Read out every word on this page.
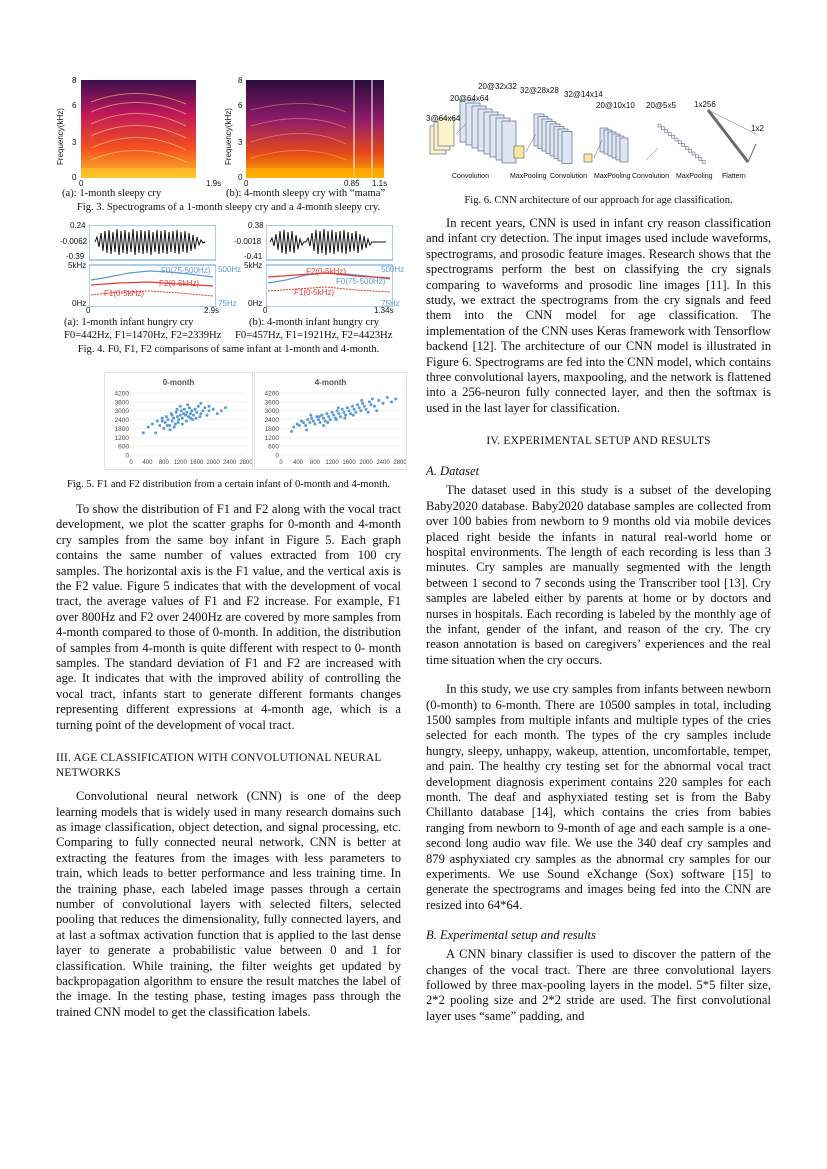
Frequency(kHz)
8
6
3
0
0	1.9s
Frequency(kHz)
8
6
3
0
0	0.85 1.1s
(a): 1-month sleepy cry	(b): 4-month sleepy cry with “mama”
Fig. 3. Spectrograms of a 1-month sleepy cry and a 4-month sleepy cry.
0.24
-0.0062
-0.39
5kHz
0Hz
500Hz
75Hz
F0(75-500Hz)
F2(0-5kHz)
F1(0-5kHz)
0	2.9s
0.38
-0.0018
-0.41
5kHz
0Hz
500Hz
75Hz
F2(0-5kHz)
F0(75-500Hz)
F1(0-5kHz)
0	1.34s
(a): 1-month infant hungry cry	(b): 4-month infant hungry cry
F0=442Hz, F1=1470Hz, F2=2339Hz F0=457Hz, F1=1921Hz, F2=4423Hz
Fig. 4. F0, F1, F2 comparisons of same infant at 1-month and 4-month.
0-month
4200
3600
3000
2400
1800
1200
600
0
0 400 800 1200 1600 2000 2400 2800
4-month
4200
3600
3000
2400
1800
1200
600
0
0 400 800 1200 1600 2000 2400 2800
Fig. 5. F1 and F2 distribution from a certain infant of 0-month and 4-month.

To show the distribution of F1 and F2 along with the vocal tract development, we plot the scatter graphs for 0-month and 4-month cry samples from the same boy infant in Figure 5. Each graph contains the same number of values extracted from 100 cry samples. The horizontal axis is the F1 value, and the vertical axis is the F2 value. Figure 5 indicates that with the development of vocal tract, the average values of F1 and F2 increase. For example, F1 over 800Hz and F2 over 2400Hz are covered by more samples from 4-month compared to those of 0-month. In addition, the distribution of samples from 4-month is quite different with respect to 0- month samples. The standard deviation of F1 and F2 are increased with age. It indicates that with the improved ability of controlling the vocal tract, infants start to generate different formants changes representing different expressions at 4-month age, which is a turning point of the development of vocal tract.

III. AGE CLASSIFICATION WITH CONVOLUTIONAL NEURAL NETWORKS

Convolutional neural network (CNN) is one of the deep learning models that is widely used in many research domains such as image classification, object detection, and signal processing, etc. Comparing to fully connected neural network, CNN is better at extracting the features from the images with less parameters to train, which leads to better performance and less training time. In the training phase, each labeled image passes through a certain number of convolutional layers with selected filters, selected pooling that reduces the dimensionality, fully connected layers, and at last a softmax activation function that is applied to the last dense layer to generate a probabilistic value between 0 and 1 for classification. While training, the filter weights get updated by backpropagation algorithm to ensure the result matches the label of the image. In the testing phase, testing images pass through the trained CNN model to get the classification labels.

3@64x64
20@64x64
20@32x32 32@28x28 32@14x14
20@10x10 20@5x5 1x256
1x2
Convolution	MaxPooling Convolution MaxPooling Convolution MaxPooling Flattern
Fig. 6. CNN architecture of our approach for age classification.

In recent years, CNN is used in infant cry reason classification and infant cry detection. The input images used include waveforms, spectrograms, and prosodic feature images. Research shows that the spectrograms perform the best on classifying the cry signals comparing to waveforms and prosodic line images [11]. In this study, we extract the spectrograms from the cry signals and feed them into the CNN model for age classification. The implementation of the CNN uses Keras framework with Tensorflow backend [12]. The architecture of our CNN model is illustrated in Figure 6. Spectrograms are fed into the CNN model, which contains three convolutional layers, maxpooling, and the network is flattened into a 256-neuron fully connected layer, and then the softmax is used in the last layer for classification.

IV. EXPERIMENTAL SETUP AND RESULTS
A. Dataset

The dataset used in this study is a subset of the developing Baby2020 database. Baby2020 database samples are collected from over 100 babies from newborn to 9 months old via mobile devices placed right beside the infants in natural real-world home or hospital environments. The length of each recording is less than 3 minutes. Cry samples are manually segmented with the length between 1 second to 7 seconds using the Transcriber tool [13]. Cry samples are labeled either by parents at home or by doctors and nurses in hospitals. Each recording is labeled by the monthly age of the infant, gender of the infant, and reason of the cry. The cry reason annotation is based on caregivers’ experiences and the real time situation when the cry occurs.

In this study, we use cry samples from infants between newborn (0-month) to 6-month. There are 10500 samples in total, including 1500 samples from multiple infants and multiple types of the cries selected for each month. The types of the cry samples include hungry, sleepy, unhappy, wakeup, attention, uncomfortable, temper, and pain. The healthy cry testing set for the abnormal vocal tract development diagnosis experiment contains 220 samples for each month. The deaf and asphyxiated testing set is from the Baby Chillanto database [14], which contains the cries from babies ranging from newborn to 9-month of age and each sample is a one-second long audio wav file. We use the 340 deaf cry samples and 879 asphyxiated cry samples as the abnormal cry samples for our experiments. We use Sound eXchange (Sox) software [15] to generate the spectrograms and images being fed into the CNN are resized into 64*64.

B. Experimental setup and results

A CNN binary classifier is used to discover the pattern of the changes of the vocal tract. There are three convolutional layers followed by three max-pooling layers in the model. 5*5 filter size, 2*2 pooling size and 2*2 stride are used. The first convolutional layer uses “same” padding, and
